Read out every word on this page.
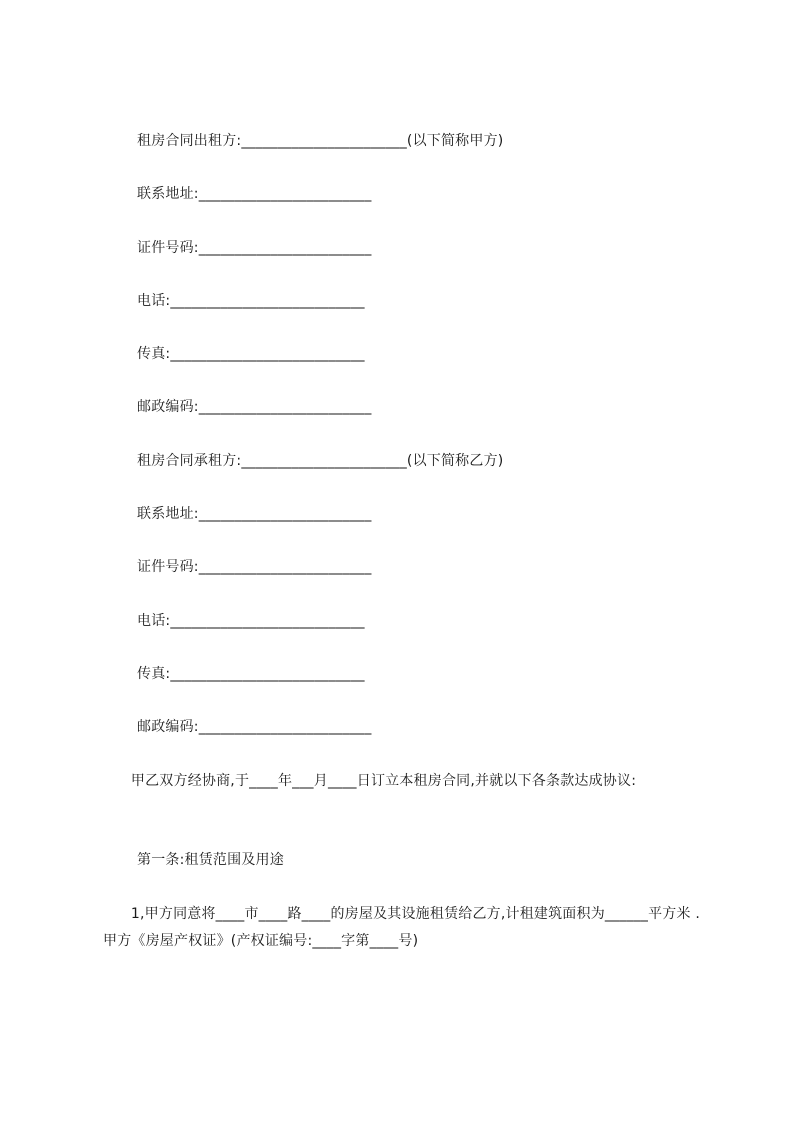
租房合同出租方:_______________________(以下简称甲方)
联系地址:________________________
证件号码:________________________
电话:___________________________
传真:___________________________
邮政编码:________________________
租房合同承租方:_______________________(以下简称乙方)
联系地址:________________________
证件号码:________________________
电话:___________________________
传真:___________________________
邮政编码:________________________
甲乙双方经协商,于____年___月____日订立本租房合同,并就以下各条款达成协议:
第一条:租赁范围及用途
1,甲方同意将____市____路____的房屋及其设施租赁给乙方,计租建筑面积为______平方米 .甲方《房屋产权证》(产权证编号:____字第____号)
